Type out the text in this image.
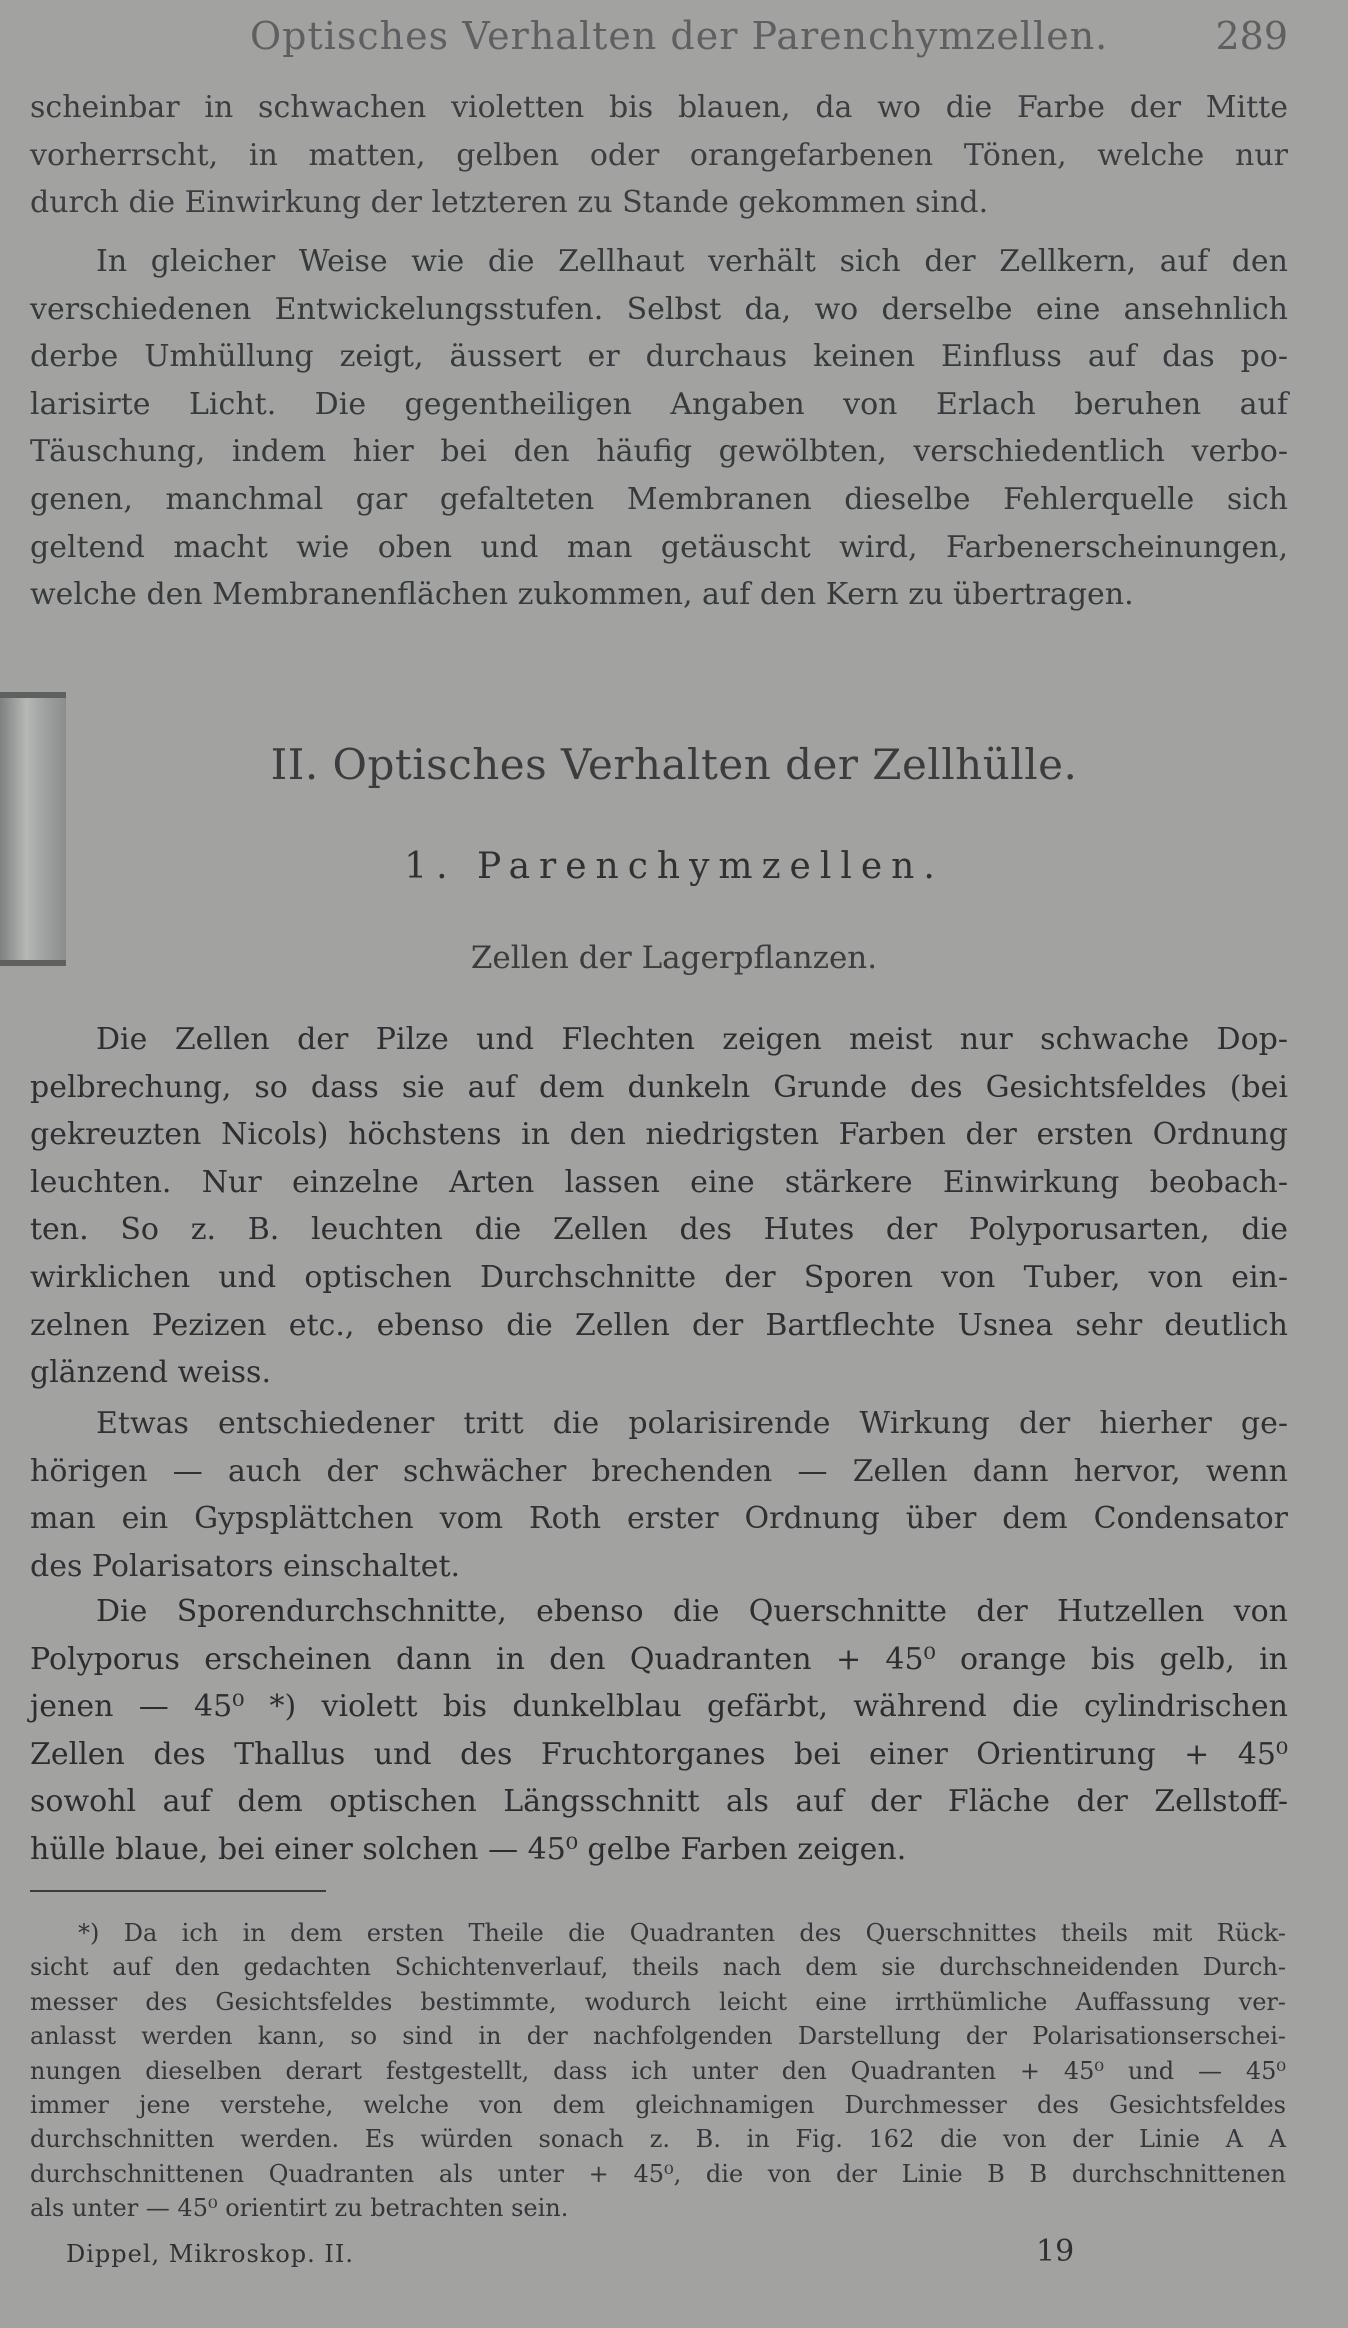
Optisches Verhalten der Parenchymzellen.	289
scheinbar in schwachen violetten bis blauen, da wo die Farbe der Mitte
vorherrscht, in matten, gelben oder orangefarbenen Tönen, welche nur
durch die Einwirkung der letzteren zu Stande gekommen sind.
In gleicher Weise wie die Zellhaut verhält sich der Zellkern, auf den
verschiedenen Entwickelungsstufen. Selbst da, wo derselbe eine ansehnlich
derbe Umhüllung zeigt, äussert er durchaus keinen Einfluss auf das po-
larisirte Licht. Die gegentheiligen Angaben von Erlach beruhen auf
Täuschung, indem hier bei den häufig gewölbten, verschiedentlich verbo-
genen, manchmal gar gefalteten Membranen dieselbe Fehlerquelle sich
geltend macht wie oben und man getäuscht wird, Farbenerscheinungen,
welche den Membranenflächen zukommen, auf den Kern zu übertragen.
II. Optisches Verhalten der Zellhülle.
1. Parenchymzellen.
Zellen der Lagerpflanzen.
Die Zellen der Pilze und Flechten zeigen meist nur schwache Dop-
pelbrechung, so dass sie auf dem dunkeln Grunde des Gesichtsfeldes (bei
gekreuzten Nicols) höchstens in den niedrigsten Farben der ersten Ordnung
leuchten. Nur einzelne Arten lassen eine stärkere Einwirkung beobach-
ten. So z. B. leuchten die Zellen des Hutes der Polyporusarten, die
wirklichen und optischen Durchschnitte der Sporen von Tuber, von ein-
zelnen Pezizen etc., ebenso die Zellen der Bartflechte Usnea sehr deutlich
glänzend weiss.
Etwas entschiedener tritt die polarisirende Wirkung der hierher ge-
hörigen — auch der schwächer brechenden — Zellen dann hervor, wenn
man ein Gypsplättchen vom Roth erster Ordnung über dem Condensator
des Polarisators einschaltet.
Die Sporendurchschnitte, ebenso die Querschnitte der Hutzellen von
Polyporus erscheinen dann in den Quadranten + 45⁰ orange bis gelb, in
jenen — 45⁰ *) violett bis dunkelblau gefärbt, während die cylindrischen
Zellen des Thallus und des Fruchtorganes bei einer Orientirung + 45⁰
sowohl auf dem optischen Längsschnitt als auf der Fläche der Zellstoff-
hülle blaue, bei einer solchen — 45⁰ gelbe Farben zeigen.
*) Da ich in dem ersten Theile die Quadranten des Querschnittes theils mit Rück-
sicht auf den gedachten Schichtenverlauf, theils nach dem sie durchschneidenden Durch-
messer des Gesichtsfeldes bestimmte, wodurch leicht eine irrthümliche Auffassung ver-
anlasst werden kann, so sind in der nachfolgenden Darstellung der Polarisationserschei-
nungen dieselben derart festgestellt, dass ich unter den Quadranten + 45⁰ und — 45⁰
immer jene verstehe, welche von dem gleichnamigen Durchmesser des Gesichtsfeldes
durchschnitten werden. Es würden sonach z. B. in Fig. 162 die von der Linie A A
durchschnittenen Quadranten als unter + 45⁰, die von der Linie B B durchschnittenen
als unter — 45⁰ orientirt zu betrachten sein.
Dippel, Mikroskop. II.	19
